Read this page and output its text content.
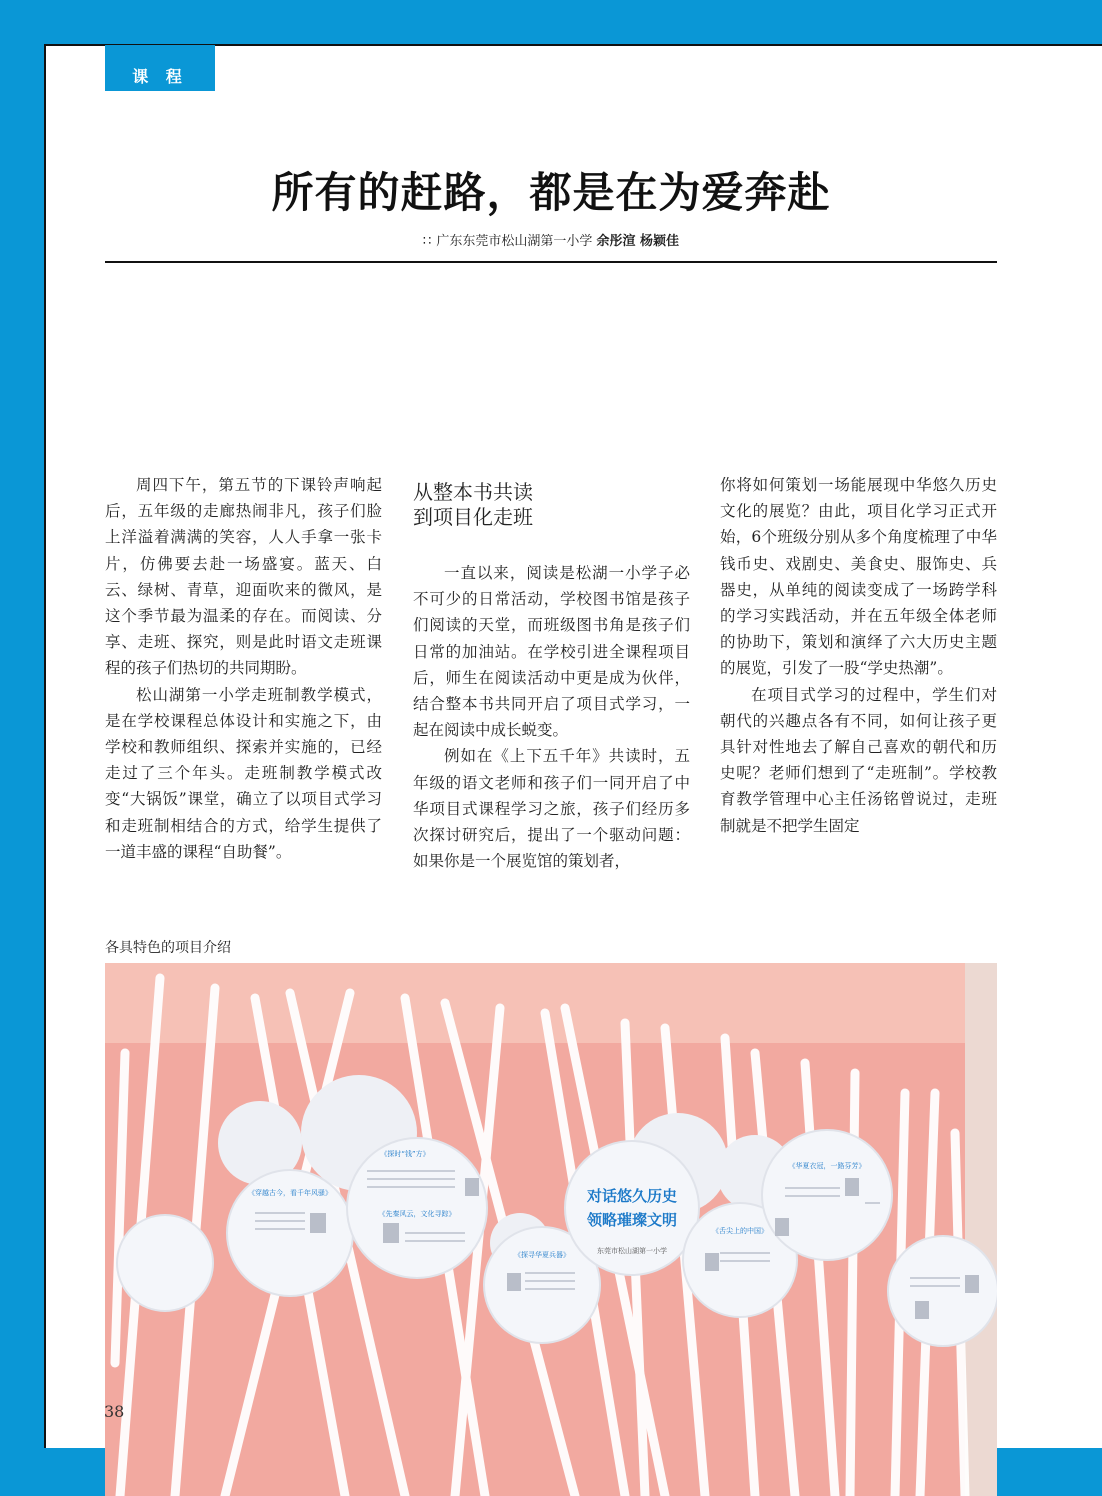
课 程
所有的赶路，都是在为爱奔赴
∷ 广东东莞市松山湖第一小学 余彤渲 杨颖佳

周四下午，第五节的下课铃声响起后，五年级的走廊热闹非凡，孩子们脸上洋溢着满满的笑容，人人手拿一张卡片，仿佛要去赴一场盛宴。蓝天、白云、绿树、青草，迎面吹来的微风，是这个季节最为温柔的存在。而阅读、分享、走班、探究，则是此时语文走班课程的孩子们热切的共同期盼。

松山湖第一小学走班制教学模式，是在学校课程总体设计和实施之下，由学校和教师组织、探索并实施的，已经走过了三个年头。走班制教学模式改变“大锅饭”课堂，确立了以项目式学习和走班制相结合的方式，给学生提供了一道丰盛的课程“自助餐”。

从整本书共读
到项目化走班

一直以来，阅读是松湖一小学子必不可少的日常活动，学校图书馆是孩子们阅读的天堂，而班级图书角是孩子们日常的加油站。在学校引进全课程项目后，师生在阅读活动中更是成为伙伴，结合整本书共同开启了项目式学习，一起在阅读中成长蜕变。

例如在《上下五千年》共读时，五年级的语文老师和孩子们一同开启了中华项目式课程学习之旅，孩子们经历多次探讨研究后，提出了一个驱动问题：如果你是一个展览馆的策划者，

你将如何策划一场能展现中华悠久历史文化的展览？由此，项目化学习正式开始，6个班级分别从多个角度梳理了中华钱币史、戏剧史、美食史、服饰史、兵器史，从单纯的阅读变成了一场跨学科的学习实践活动，并在五年级全体老师的协助下，策划和演绎了六大历史主题的展览，引发了一股“学史热潮”。

在项目式学习的过程中，学生们对朝代的兴趣点各有不同，如何让孩子更具针对性地去了解自己喜欢的朝代和历史呢？老师们想到了“走班制”。学校教育教学管理中心主任汤铭曾说过，走班制就是不把学生固定

各具特色的项目介绍
对话悠久历史
领略璀璨文明
东莞市松山湖第一小学
《穿越古今，看千年风骚》
《探时“钱”方》
《先秦风云，文化寻踪》
《探寻华夏兵器》
《舌尖上的中国》
《华夏衣冠，一路芬芳》
38
